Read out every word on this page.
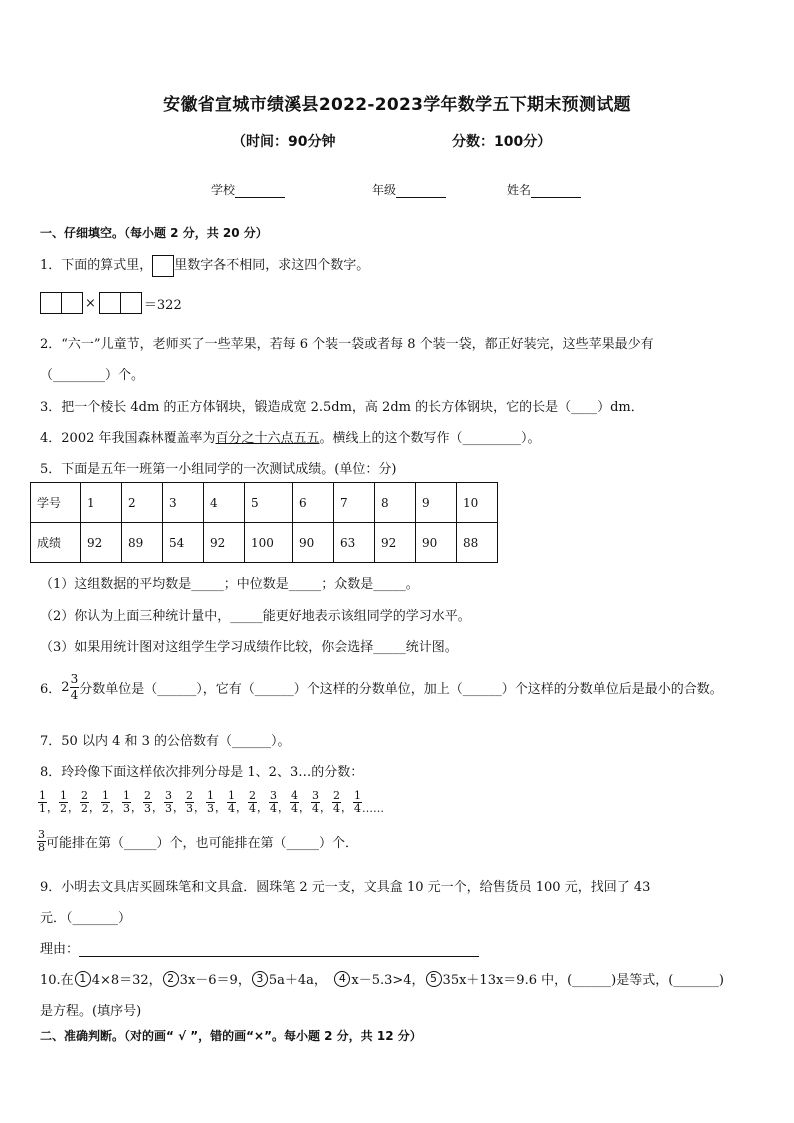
安徽省宣城市绩溪县2022-2023学年数学五下期末预测试题
（时间：90分钟	分数：100分）
学校	年级	姓名
一、仔细填空。（每小题 2 分，共 20 分）
1．下面的算式里， 里数字各不相同，求这四个数字。
×	＝322
2．“六一”儿童节，老师买了一些苹果，若每 6 个装一袋或者每 8 个装一袋，都正好装完，这些苹果最少有
（________）个。
3．把一个棱长 4dm 的正方体钢块，锻造成宽 2.5dm，高 2dm 的长方体钢块，它的长是（____）dm．
4．2002 年我国森林覆盖率为百分之十六点五五。横线上的这个数写作（_________）。
5．下面是五年一班第一小组同学的一次测试成绩。(单位：分)
学号	1	2	3	4	5	6	7	8	9	10
成绩	92	89	54	92	100	90	63	92	90	88
（1）这组数据的平均数是_____；中位数是_____；众数是_____。
（2）你认为上面三种统计量中，_____能更好地表示该组同学的学习水平。
（3）如果用统计图对这组学生学习成绩作比较，你会选择_____统计图。
6． $2 \frac{3}{4}$ 分数单位是（______），它有（______）个这样的分数单位，加上（______）个这样的分数单位后是最小的合数。
7．50 以内 4 和 3 的公倍数有（______）。
8．玲玲像下面这样依次排列分母是 1、2、3…的分数：
$\frac{1}{1}$ ， $\frac{1}{2}$ ， $\frac{2}{2}$ ， $\frac{1}{2}$ ， $\frac{1}{3}$ ， $\frac{2}{3}$ ， $\frac{3}{3}$ ， $\frac{2}{3}$ ， $\frac{1}{3}$ ， $\frac{1}{4}$ ， $\frac{2}{4}$ ， $\frac{3}{4}$ ， $\frac{4}{4}$ ， $\frac{3}{4}$ ， $\frac{2}{4}$ ， $\frac{1}{4}$ ……
$\frac{3}{8}$ 可能排在第（_____）个，也可能排在第（_____）个．
9．小明去文具店买圆珠笔和文具盒．圆珠笔 2 元一支，文具盒 10 元一个，给售货员 100 元，找回了 43
元．（_______）
理由：
10.在 1 4×8＝32， 2 3x－6＝9， 3 5a＋4a，　 4 x－5.3>4， 5 35x＋13x＝9.6 中，(______)是等式，(_______)
是方程。(填序号)
二、准确判断。（对的画“ √ ”，错的画“×”。每小题 2 分，共 12 分）
